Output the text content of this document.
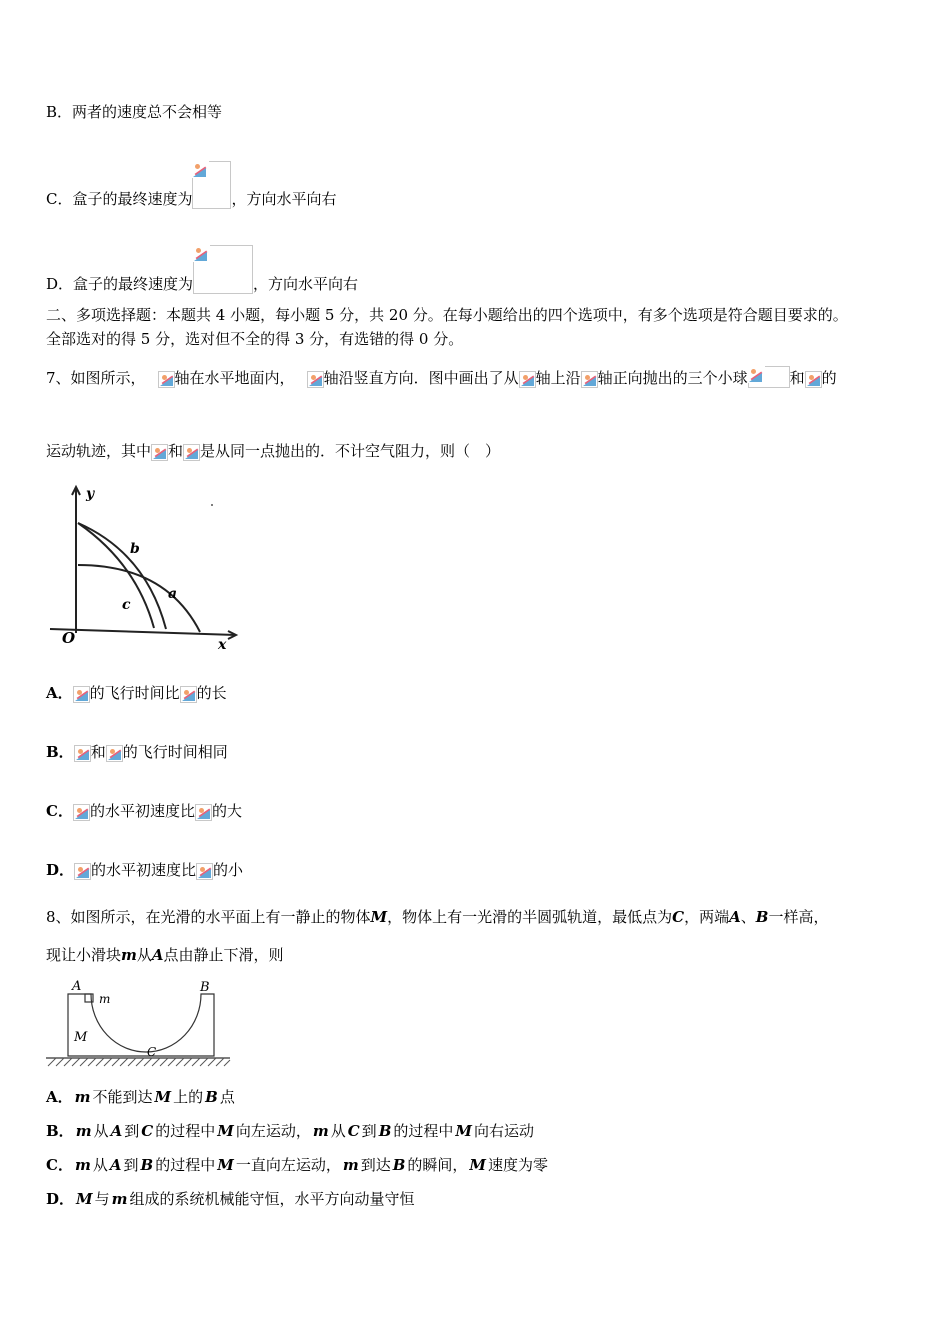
B．两者的速度总不会相等
C．盒子的最终速度为	，方向水平向右
D．盒子的最终速度为	，方向水平向右
二、多项选择题：本题共 4 小题，每小题 5 分，共 20 分。在每小题给出的四个选项中，有多个选项是符合题目要求的。
全部选对的得 5 分，选对但不全的得 3 分，有选错的得 0 分。
7、如图所示， 轴在水平地面内， 轴沿竖直方向．图中画出了从 轴上沿 轴正向抛出的三个小球	和 的
运动轨迹，其中 和 是从同一点抛出的．不计空气阻力，则（　）
y
x
O
b
a
c
A． 的飞行时间比 的长
B． 和 的飞行时间相同
C． 的水平初速度比 的大
D． 的水平初速度比 的小
8、如图所示，在光滑的水平面上有一静止的物体M，物体上有一光滑的半圆弧轨道，最低点为C，两端A、B一样高，
现让小滑块m从A点由静止下滑，则
A	B
m
M
C
A． m 不能到达 M 上的 B 点
B． m 从 A 到 C 的过程中 M 向左运动， m 从 C 到 B 的过程中 M 向右运动
C． m 从 A 到 B 的过程中 M 一直向左运动， m 到达 B 的瞬间， M 速度为零
D． M 与 m 组成的系统机械能守恒，水平方向动量守恒
